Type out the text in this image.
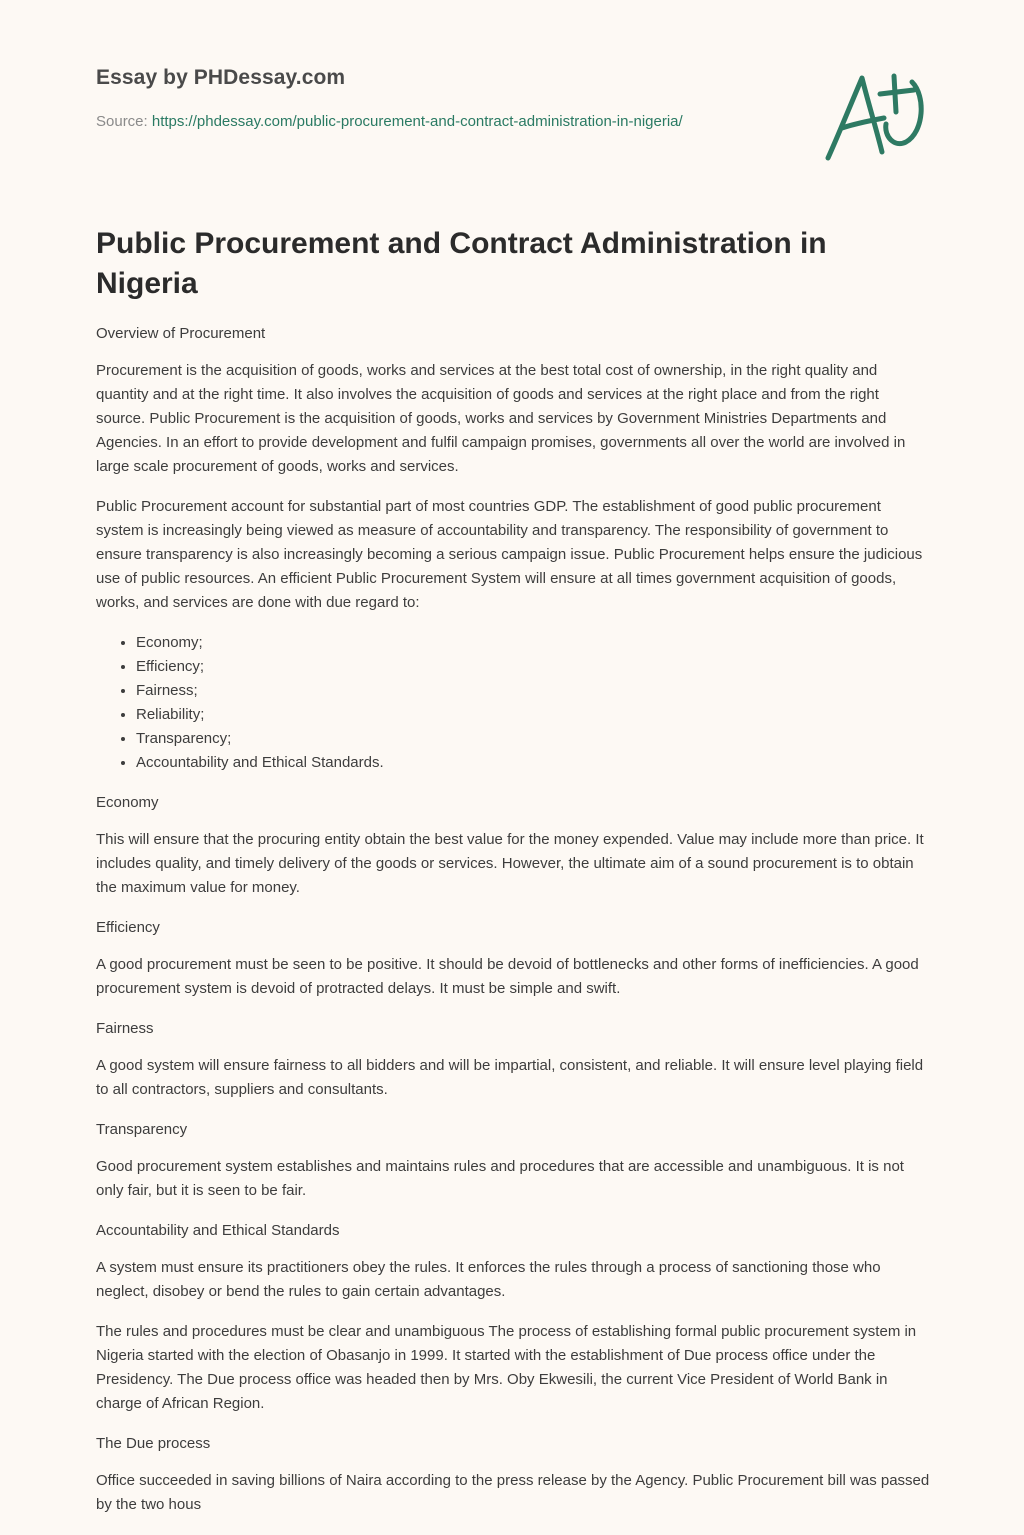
Essay by PHDessay.com
Source: https://phdessay.com/public-procurement-and-contract-administration-in-nigeria/
Public Procurement and Contract Administration in Nigeria

Overview of Procurement

Procurement is the acquisition of goods, works and services at the best total cost of ownership, in the right quality and quantity and at the right time. It also involves the acquisition of goods and services at the right place and from the right source. Public Procurement is the acquisition of goods, works and services by Government Ministries Departments and Agencies. In an effort to provide development and fulfil campaign promises, governments all over the world are involved in large scale procurement of goods, works and services.

Public Procurement account for substantial part of most countries GDP. The establishment of good public procurement system is increasingly being viewed as measure of accountability and transparency. The responsibility of government to ensure transparency is also increasingly becoming a serious campaign issue. Public Procurement helps ensure the judicious use of public resources. An efficient Public Procurement System will ensure at all times government acquisition of goods, works, and services are done with due regard to:

• Economy;
• Efficiency;
• Fairness;
• Reliability;
• Transparency;
• Accountability and Ethical Standards.

Economy

This will ensure that the procuring entity obtain the best value for the money expended. Value may include more than price. It includes quality, and timely delivery of the goods or services. However, the ultimate aim of a sound procurement is to obtain the maximum value for money.

Efficiency

A good procurement must be seen to be positive. It should be devoid of bottlenecks and other forms of inefficiencies. A good procurement system is devoid of protracted delays. It must be simple and swift.

Fairness

A good system will ensure fairness to all bidders and will be impartial, consistent, and reliable. It will ensure level playing field to all contractors, suppliers and consultants.

Transparency

Good procurement system establishes and maintains rules and procedures that are accessible and unambiguous. It is not only fair, but it is seen to be fair.

Accountability and Ethical Standards

A system must ensure its practitioners obey the rules. It enforces the rules through a process of sanctioning those who neglect, disobey or bend the rules to gain certain advantages.

The rules and procedures must be clear and unambiguous The process of establishing formal public procurement system in Nigeria started with the election of Obasanjo in 1999. It started with the establishment of Due process office under the Presidency. The Due process office was headed then by Mrs. Oby Ekwesili, the current Vice President of World Bank in charge of African Region.

The Due process

Office succeeded in saving billions of Naira according to the press release by the Agency. Public Procurement bill was passed by the two hous
